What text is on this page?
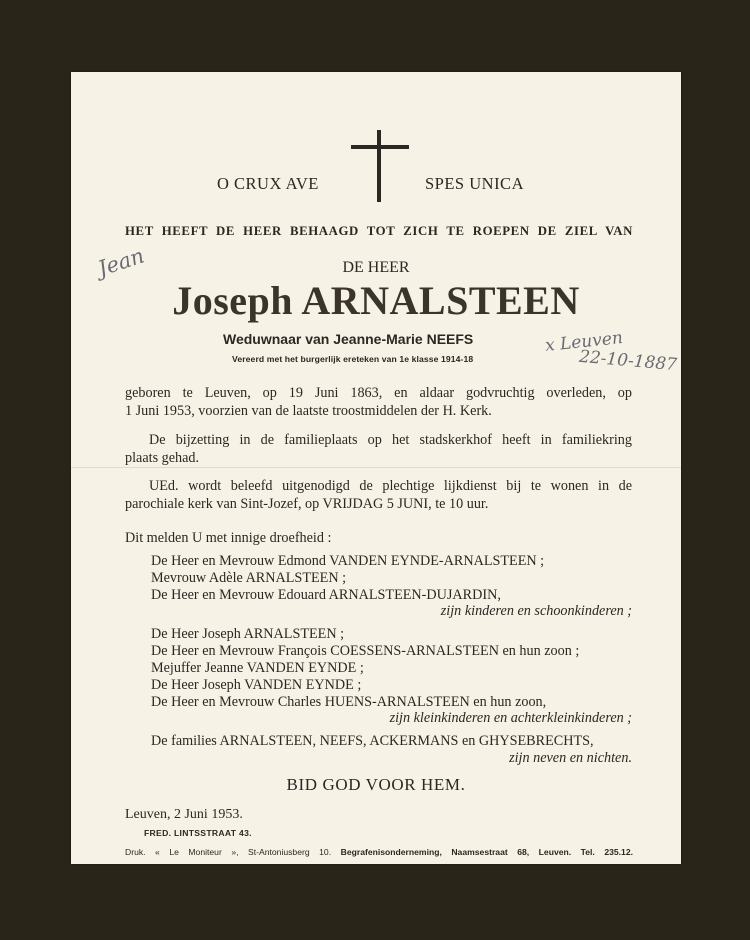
O CRUX AVE	SPES UNICA
HET HEEFT DE HEER BEHAAGD TOT ZICH TE ROEPEN DE ZIEL VAN
DE HEER
Joseph ARNALSTEEN
Weduwnaar van Jeanne-Marie NEEFS
Vereerd met het burgerlijk ereteken van 1e klasse 1914-18
geboren te Leuven, op 19 Juni 1863, en aldaar godvruchtig overleden, op
1 Juni 1953, voorzien van de laatste troostmiddelen der H. Kerk.
De bijzetting in de familieplaats op het stadskerkhof heeft in familiekring
plaats gehad.
UEd. wordt beleefd uitgenodigd de plechtige lijkdienst bij te wonen in de
parochiale kerk van Sint-Jozef, op VRIJDAG 5 JUNI, te 10 uur.
Dit melden U met innige droefheid :
De Heer en Mevrouw Edmond VANDEN EYNDE-ARNALSTEEN ;
Mevrouw Adèle ARNALSTEEN ;
De Heer en Mevrouw Edouard ARNALSTEEN-DUJARDIN,
zijn kinderen en schoonkinderen ;
De Heer Joseph ARNALSTEEN ;
De Heer en Mevrouw François COESSENS-ARNALSTEEN en hun zoon ;
Mejuffer Jeanne VANDEN EYNDE ;
De Heer Joseph VANDEN EYNDE ;
De Heer en Mevrouw Charles HUENS-ARNALSTEEN en hun zoon,
zijn kleinkinderen en achterkleinkinderen ;
De families ARNALSTEEN, NEEFS, ACKERMANS en GHYSEBRECHTS,
zijn neven en nichten.
BID GOD VOOR HEM.
Leuven, 2 Juni 1953.
FRED. LINTSSTRAAT 43.
Druk. « Le Moniteur », St-Antoniusberg 10. Begrafenisonderneming, Naamsestraat 68, Leuven. Tel. 235.12.
Jean
x Leuven
22-10-1887
